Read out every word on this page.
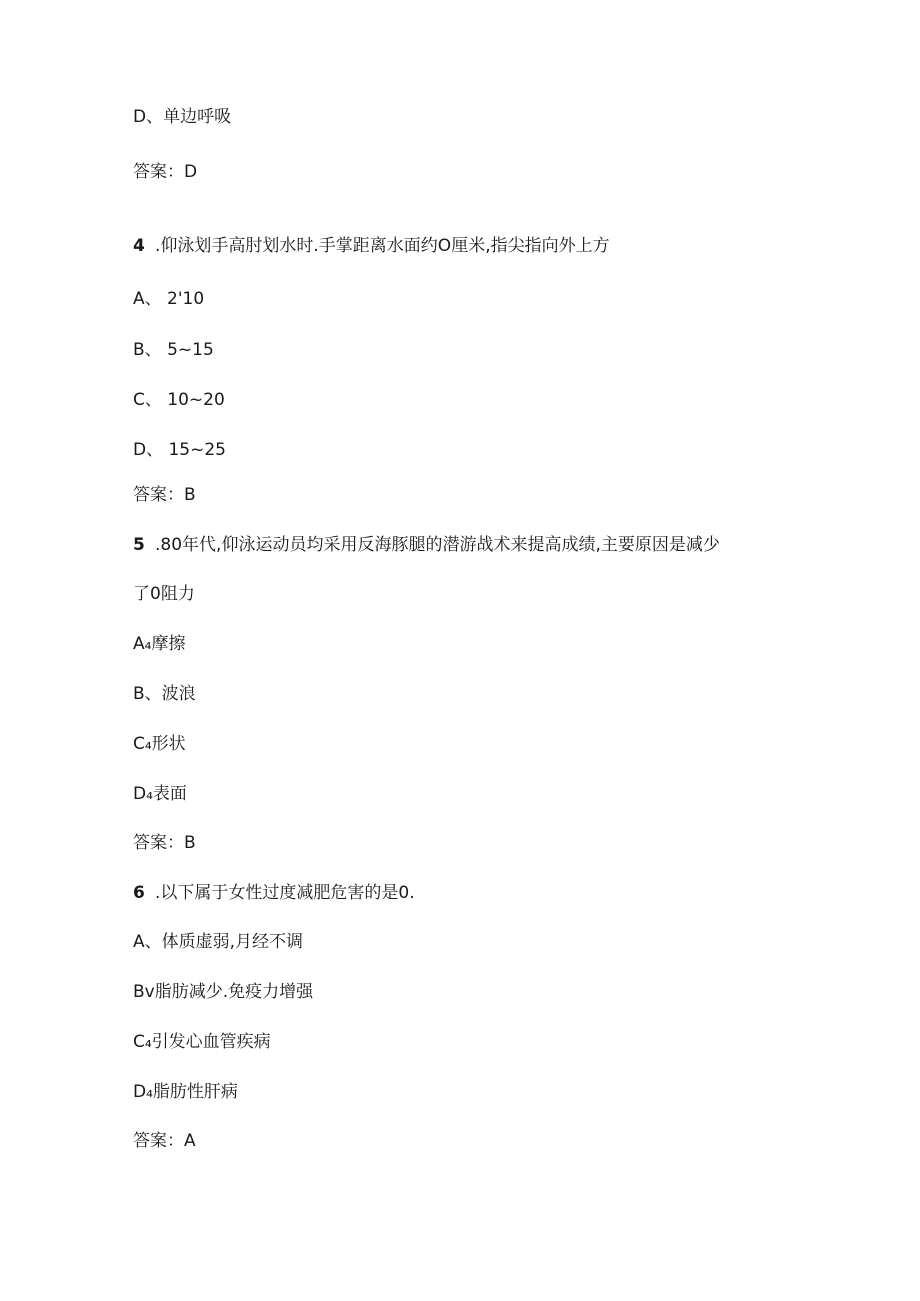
D、单边呼吸
答案：D
4 .仰泳划手高肘划水时.手掌距离水面约O厘米,指尖指向外上方
A、 2'10
B、 5~15
C、 10~20
D、 15~25
答案：B
5 .80年代,仰泳运动员均采用反海豚腿的潜游战术来提高成绩,主要原因是减少
了0阻力
A₄摩擦
B、波浪
C₄形状
D₄表面
答案：B
6 .以下属于女性过度减肥危害的是0.
A、体质虚弱,月经不调
Bv脂肪减少.免疫力增强
C₄引发心血管疾病
D₄脂肪性肝病
答案：A
